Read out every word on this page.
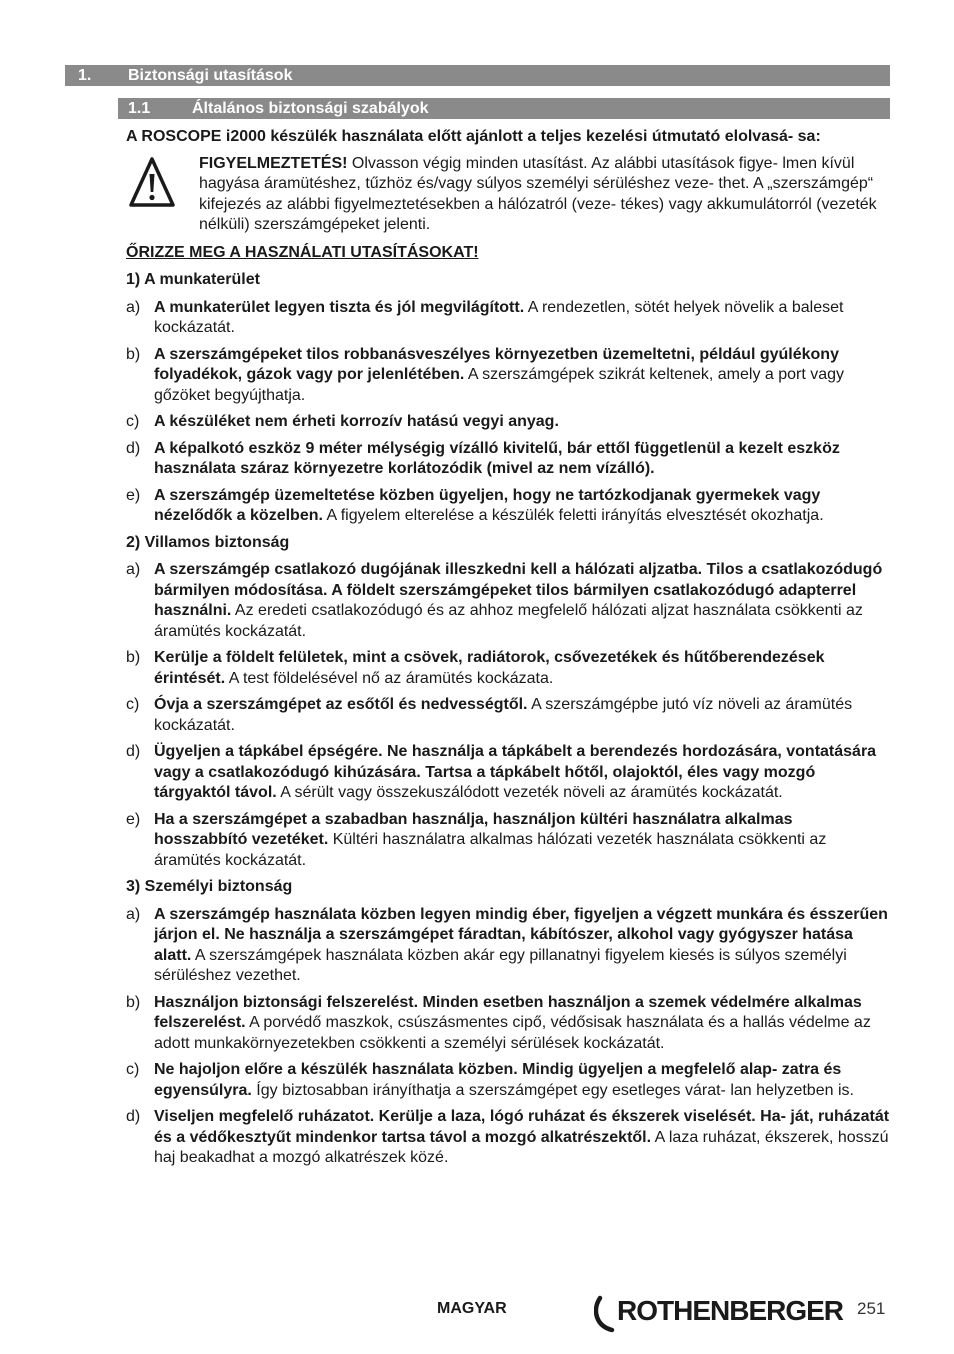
1. Biztonsági utasítások
1.1	Általános biztonsági szabályok
A ROSCOPE i2000 készülék használata előtt ajánlott a teljes kezelési útmutató elolvasá- sa:
FIGYELMEZTETÉS! Olvasson végig minden utasítást. Az alábbi utasítások figye- lmen kívül hagyása áramütéshez, tűzhöz és/vagy súlyos személyi sérüléshez veze- thet. A „szerszámgép“ kifejezés az alábbi figyelmeztetésekben a hálózatról (veze- tékes) vagy akkumulátorról (vezeték nélküli) szerszámgépeket jelenti.
ŐRIZZE MEG A HASZNÁLATI UTASÍTÁSOKAT!
1) A munkaterület
a) A munkaterület legyen tiszta és jól megvilágított. A rendezetlen, sötét helyek növelik a baleset kockázatát.
b) A szerszámgépeket tilos robbanásveszélyes környezetben üzemeltetni, például gyúlékony folyadékok, gázok vagy por jelenlétében. A szerszámgépek szikrát keltenek, amely a port vagy gőzöket begyújthatja.
c) A készüléket nem érheti korrozív hatású vegyi anyag.
d) A képalkotó eszköz 9 méter mélységig vízálló kivitelű, bár ettől függetlenül a kezelt eszköz használata száraz környezetre korlátozódik (mivel az nem vízálló).
e) A szerszámgép üzemeltetése közben ügyeljen, hogy ne tartózkodjanak gyermekek vagy nézelődők a közelben. A figyelem elterelése a készülék feletti irányítás elvesztését okozhatja.
2) Villamos biztonság
a) A szerszámgép csatlakozó dugójának illeszkedni kell a hálózati aljzatba. Tilos a csatlakozódugó bármilyen módosítása. A földelt szerszámgépeket tilos bármilyen csatlakozódugó adapterrel használni. Az eredeti csatlakozódugó és az ahhoz megfelelő hálózati aljzat használata csökkenti az áramütés kockázatát.
b) Kerülje a földelt felületek, mint a csövek, radiátorok, csővezetékek és hűtőberendezések érintését. A test földelésével nő az áramütés kockázata.
c) Óvja a szerszámgépet az esőtől és nedvességtől. A szerszámgépbe jutó víz növeli az áramütés kockázatát.
d) Ügyeljen a tápkábel épségére. Ne használja a tápkábelt a berendezés hordozására, vontatására vagy a csatlakozódugó kihúzására. Tartsa a tápkábelt hőtől, olajoktól, éles vagy mozgó tárgyaktól távol. A sérült vagy összekuszálódott vezeték növeli az áramütés kockázatát.
e) Ha a szerszámgépet a szabadban használja, használjon kültéri használatra alkalmas hosszabbító vezetéket. Kültéri használatra alkalmas hálózati vezeték használata csökkenti az áramütés kockázatát.
3) Személyi biztonság
a) A szerszámgép használata közben legyen mindig éber, figyeljen a végzett munkára és ésszerűen járjon el. Ne használja a szerszámgépet fáradtan, kábítószer, alkohol vagy gyógyszer hatása alatt. A szerszámgépek használata közben akár egy pillanatnyi figyelem kiesés is súlyos személyi sérüléshez vezethet.
b) Használjon biztonsági felszerelést. Minden esetben használjon a szemek védelmére alkalmas felszerelést. A porvédő maszkok, csúszásmentes cipő, védősisak használata és a hallás védelme az adott munkakörnyezetekben csökkenti a személyi sérülések kockázatát.
c) Ne hajoljon előre a készülék használata közben. Mindig ügyeljen a megfelelő alap- zatra és egyensúlyra. Így biztosabban irányíthatja a szerszámgépet egy esetleges várat- lan helyzetben is.
d) Viseljen megfelelő ruházatot. Kerülje a laza, lógó ruházat és ékszerek viselését. Ha- ját, ruházatát és a védőkesztyűt mindenkor tartsa távol a mozgó alkatrészektől. A laza ruházat, ékszerek, hosszú haj beakadhat a mozgó alkatrészek közé.
MAGYAR	ROTHENBERGER 251
